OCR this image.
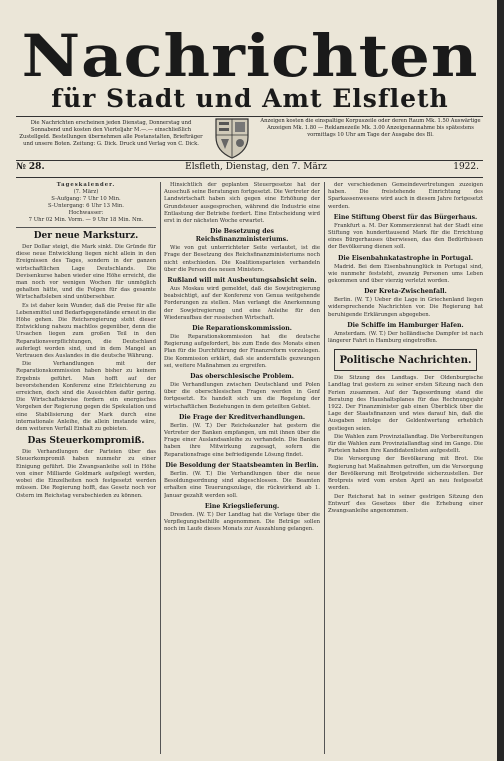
Nachrichten
für Stadt und Amt Elsfleth
Die Nachrichten erscheinen jeden Dienstag, Donnerstag und Sonnabend und kosten den Vierteljahr M.—.— einschließlich Zustellgeld. Bestellungen übernehmen alle Postanstalten, Briefträger und unsere Boten. Zeitung: G. Dick. Druck und Verlag von C. Dick.
Anzeigen kosten die einspaltige Korpuszeile oder deren Raum Mk. 1.50 Auswärtige Anzeigen Mk. 1.80 — Reklamezeile Mk. 3.00 Anzeigenannahme bis spätestens vormittags 10 Uhr am Tage der Ausgabe des Bl.
№ 28.	Elsfleth, Dienstag, den 7. März	1922.
Tageskalender.
(7. März)
S-Aufgang: 7 Uhr 10 Min.
S-Untergang: 6 Uhr 13 Min.
Hochwasser:
7 Uhr 02 Min. Vorm. — 9 Uhr 18 Min. Nm.
Der neue Marksturz.

Der Dollar steigt, die Mark sinkt. Die Gründe für diese neue Entwicklung liegen nicht allein in den Ereignissen des Tages, sondern in der ganzen wirtschaftlichen Lage Deutschlands. Die Devisenkurse haben wieder eine Höhe erreicht, die man noch vor wenigen Wochen für unmöglich gehalten hätte, und die Folgen für das gesamte Wirtschaftsleben sind unübersehbar.

Es ist daher kein Wunder, daß die Preise für alle Lebensmittel und Bedarfsgegenstände erneut in die Höhe gehen. Die Reichsregierung steht dieser Entwicklung nahezu machtlos gegenüber, denn die Ursachen liegen zum großen Teil in den Reparationsverpflichtungen, die Deutschland auferlegt worden sind, und in dem Mangel an Vertrauen des Auslandes in die deutsche Währung.

Die Verhandlungen mit der Reparationskommission haben bisher zu keinem Ergebnis geführt. Man hofft auf der bevorstehenden Konferenz eine Erleichterung zu erreichen, doch sind die Aussichten dafür gering. Die Wirtschaftskreise fordern ein energisches Vorgehen der Regierung gegen die Spekulation und eine Stabilisierung der Mark durch eine internationale Anleihe, die allein imstande wäre, dem weiteren Verfall Einhalt zu gebieten.

Das Steuerkompromiß.

Die Verhandlungen der Parteien über das Steuerkompromiß haben nunmehr zu einer Einigung geführt. Die Zwangsanleihe soll in Höhe von einer Milliarde Goldmark aufgelegt werden, wobei die Einzelheiten noch festgesetzt werden müssen. Die Regierung hofft, das Gesetz noch vor Ostern im Reichstag verabschieden zu können.

Hinsichtlich der geplanten Steuergesetze hat der Ausschuß seine Beratungen fortgesetzt. Die Vertreter der Landwirtschaft haben sich gegen eine Erhöhung der Grundsteuer ausgesprochen, während die Industrie eine Entlastung der Betriebe fordert. Eine Entscheidung wird erst in der nächsten Woche erwartet.

Die Besetzung des Reichsfinanzministeriums.

Wie von gut unterrichteter Seite verlautet, ist die Frage der Besetzung des Reichsfinanzministeriums noch nicht entschieden. Die Koalitionsparteien verhandeln über die Person des neuen Ministers.

Rußland will mit Ausbeutungsabsicht sein.

Aus Moskau wird gemeldet, daß die Sowjetregierung beabsichtigt, auf der Konferenz von Genua weitgehende Forderungen zu stellen. Man verlangt die Anerkennung der Sowjetregierung und eine Anleihe für den Wiederaufbau der russischen Wirtschaft.

Die Reparationskommission.

Die Reparationskommission hat die deutsche Regierung aufgefordert, bis zum Ende des Monats einen Plan für die Durchführung der Finanzreform vorzulegen. Die Kommission erklärt, daß sie andernfalls gezwungen sei, weitere Maßnahmen zu ergreifen.

Das oberschlesische Problem.

Die Verhandlungen zwischen Deutschland und Polen über die oberschlesischen Fragen werden in Genf fortgesetzt. Es handelt sich um die Regelung der wirtschaftlichen Beziehungen in dem geteilten Gebiet.

Die Frage der Kreditverhandlungen.

Berlin. (W. T.) Der Reichskanzler hat gestern die Vertreter der Banken empfangen, um mit ihnen über die Frage einer Auslandsanleihe zu verhandeln. Die Banken haben ihre Mitwirkung zugesagt, sofern die Reparationsfrage eine befriedigende Lösung findet.

Die Besoldung der Staatsbeamten in Berlin.

Berlin. (W. T.) Die Verhandlungen über die neue Besoldungsordnung sind abgeschlossen. Die Beamten erhalten eine Teuerungszulage, die rückwirkend ab 1. Januar gezahlt werden soll.

Eine Kriegslieferung.

Dresden. (W. T.) Der Landtag hat die Vorlage über die Verpflegungsbeihilfe angenommen. Die Beträge sollen noch im Laufe dieses Monats zur Auszahlung gelangen.

der verschiedenen Gemeindevertretungen zuzeigen haben. Die freistehende Einrichtung des Sparkassenwesens wird auch in diesem Jahre fortgesetzt werden.

Eine Stiftung Oberst für das Bürgerhaus.

Frankfurt a. M. Der Kommerzienrat hat der Stadt eine Stiftung von hunderttausend Mark für die Errichtung eines Bürgerhauses überwiesen, das den Bedürfnissen der Bevölkerung dienen soll.

Die Eisenbahnkatastrophe in Portugal.

Madrid. Bei dem Eisenbahnunglück in Portugal sind, wie nunmehr feststeht, zwanzig Personen ums Leben gekommen und über vierzig verletzt worden.

Der Kreta-Zwischenfall.

Berlin. (W. T.) Ueber die Lage in Griechenland liegen widersprechende Nachrichten vor. Die Regierung hat beruhigende Erklärungen abgegeben.

Die Schiffe im Hamburger Hafen.

Amsterdam. (W. T.) Der holländische Dampfer ist nach längerer Fahrt in Hamburg eingetroffen.

Politische Nachrichten.

Die Sitzung des Landtags. Der Oldenburgische Landtag trat gestern zu seiner ersten Sitzung nach den Ferien zusammen. Auf der Tagesordnung stand die Beratung des Haushaltsplanes für das Rechnungsjahr 1922. Der Finanzminister gab einen Überblick über die Lage der Staatsfinanzen und wies darauf hin, daß die Ausgaben infolge der Geldentwertung erheblich gestiegen seien.

Die Wahlen zum Provinziallandtag. Die Vorbereitungen für die Wahlen zum Provinziallandtag sind im Gange. Die Parteien haben ihre Kandidatenlisten aufgestellt.

Die Versorgung der Bevölkerung mit Brot. Die Regierung hat Maßnahmen getroffen, um die Versorgung der Bevölkerung mit Brotgetreide sicherzustellen. Der Brotpreis wird vom ersten April an neu festgesetzt werden.

Der Reichsrat hat in seiner gestrigen Sitzung den Entwurf des Gesetzes über die Erhebung einer Zwangsanleihe angenommen.
